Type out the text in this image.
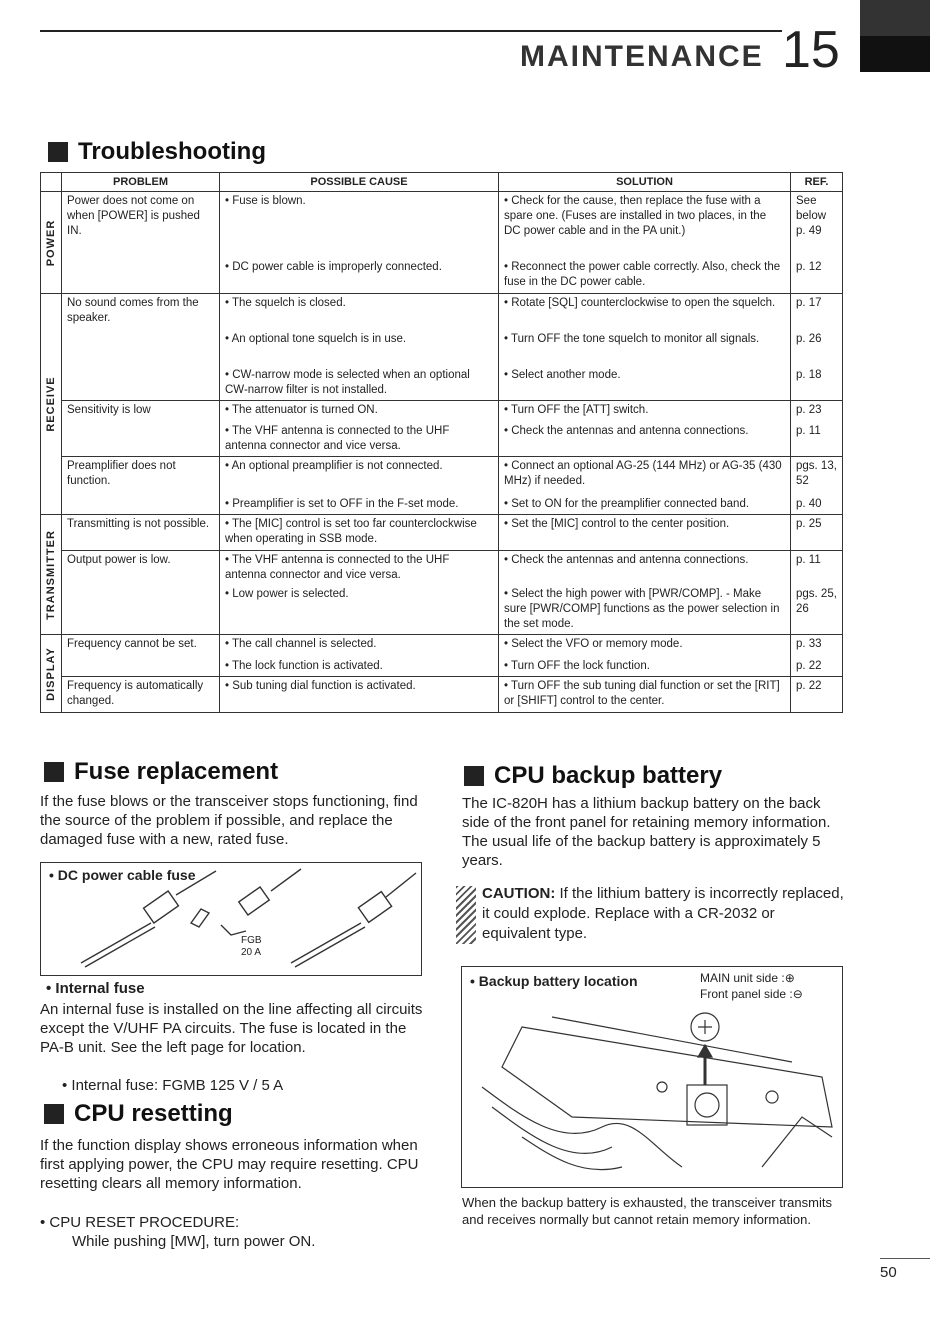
MAINTENANCE 15
Troubleshooting
	PROBLEM	POSSIBLE CAUSE	SOLUTION	REF.

POWER	Power does not come on when [POWER] is pushed IN.	• Fuse is blown.	• Check for the cause, then replace the fuse with a spare one. (Fuses are installed in two places, in the DC power cable and in the PA unit.)	See below p. 49
		• DC power cable is improperly connected.	• Reconnect the power cable correctly. Also, check the fuse in the DC power cable.	p. 12

RECEIVE	No sound comes from the speaker.	• The squelch is closed.	• Rotate [SQL] counterclockwise to open the squelch.	p. 17
		• An optional tone squelch is in use.	• Turn OFF the tone squelch to monitor all signals.	p. 26
		• CW-narrow mode is selected when an optional CW-narrow filter is not installed.	• Select another mode.	p. 18
	Sensitivity is low	• The attenuator is turned ON.	• Turn OFF the [ATT] switch.	p. 23
		• The VHF antenna is connected to the UHF antenna connector and vice versa.	• Check the antennas and antenna connections.	p. 11
	Preamplifier does not function.	• An optional preamplifier is not connected.	• Connect an optional AG-25 (144 MHz) or AG-35 (430 MHz) if needed.	pgs. 13, 52
		• Preamplifier is set to OFF in the F-set mode.	• Set to ON for the preamplifier connected band.	p. 40

TRANSMITTER	Transmitting is not possible.	• The [MIC] control is set too far counterclockwise when operating in SSB mode.	• Set the [MIC] control to the center position.	p. 25
	Output power is low.	• The VHF antenna is connected to the UHF antenna connector and vice versa.	• Check the antennas and antenna connections.	p. 11
		• Low power is selected.	• Select the high power with [PWR/COMP]. - Make sure [PWR/COMP] functions as the power selection in the set mode.	pgs. 25, 26

DISPLAY	Frequency cannot be set.	• The call channel is selected.	• Select the VFO or memory mode.	p. 33
		• The lock function is activated.	• Turn OFF the lock function.	p. 22
	Frequency is automatically changed.	• Sub tuning dial function is activated.	• Turn OFF the sub tuning dial function or set the [RIT] or [SHIFT] control to the center.	p. 22
Fuse replacement
If the fuse blows or the transceiver stops functioning, find the source of the problem if possible, and replace the damaged fuse with a new, rated fuse.
• DC power cable fuse
FGB
20 A
• Internal fuse
An internal fuse is installed on the line affecting all circuits except the V/UHF PA circuits. The fuse is located in the PA-B unit. See the left page for location.
• Internal fuse: FGMB 125 V / 5 A
CPU resetting
If the function display shows erroneous information when first applying power, the CPU may require resetting. CPU resetting clears all memory information.
• CPU RESET PROCEDURE:
While pushing [MW], turn power ON.
CPU backup battery
The IC-820H has a lithium backup battery on the back side of the front panel for retaining memory information. The usual life of the backup battery is approximately 5 years.
CAUTION: If the lithium battery is incorrectly replaced, it could explode. Replace with a CR-2032 or equivalent type.
• Backup battery location	MAIN unit side :⊕
Front panel side :⊖
When the backup battery is exhausted, the transceiver transmits and receives normally but cannot retain memory information.
50
